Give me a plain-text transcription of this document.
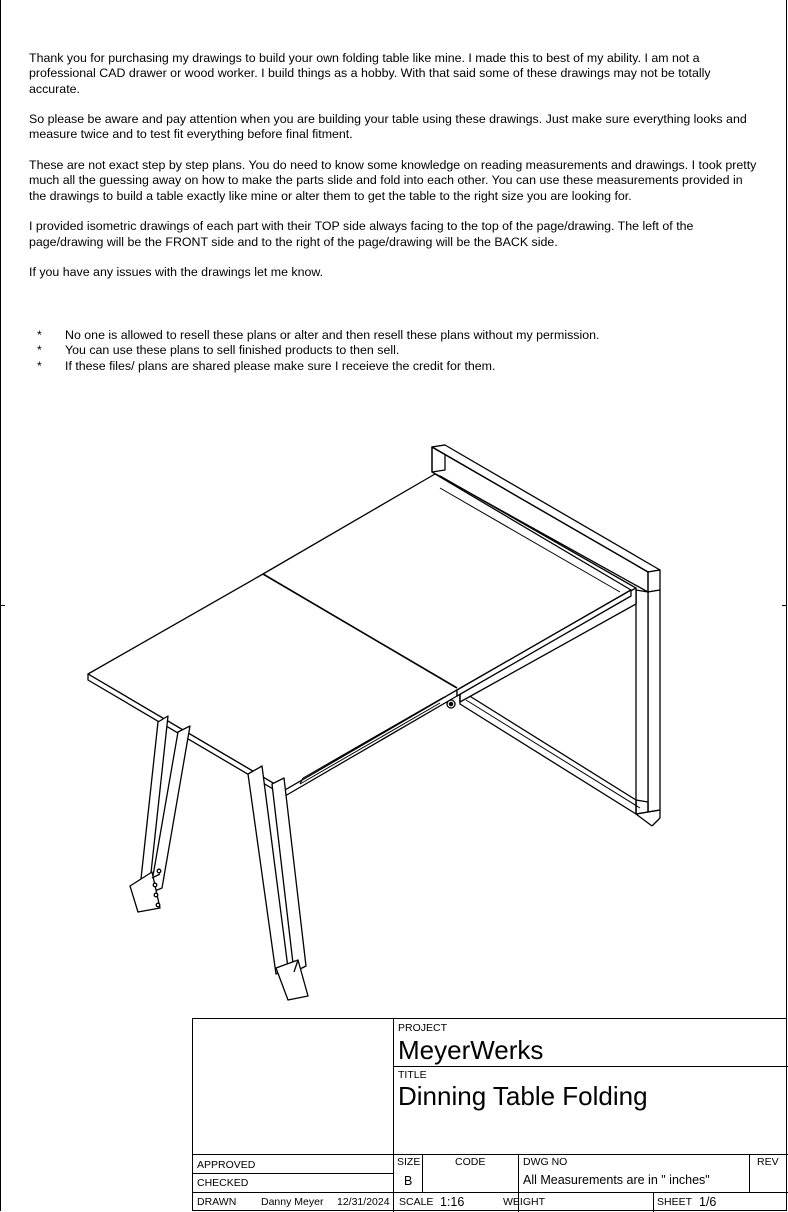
Thank you for purchasing my drawings to build your own folding table like mine. I made this to best of my ability. I am not a professional CAD drawer or wood worker. I build things as a hobby. With that said some of these drawings may not be totally accurate.

So please be aware and pay attention when you are building your table using these drawings. Just make sure everything looks and measure twice and to test fit everything before final fitment.

These are not exact step by step plans. You do need to know some knowledge on reading measurements and drawings. I took pretty much all the guessing away on how to make the parts slide and fold into each other. You can use these measurements provided in the drawings to build a table exactly like mine or alter them to get the table to the right size you are looking for.

I provided isometric drawings of each part with their TOP side always facing to the top of the page/drawing. The left of the page/drawing will be the FRONT side and to the right of the page/drawing will be the BACK side.

If you have any issues with the drawings let me know.

*	No one is allowed to resell these plans or alter and then resell these plans without my permission.
*	You can use these plans to sell finished products to then sell.
*	If these files/ plans are shared please make sure I receieve the credit for them.
PROJECT
MeyerWerks
TITLE
Dinning Table Folding
APPROVED
CHECKED
DRAWN Danny Meyer 12/31/2024
SIZE
B
CODE	DWG NO
All Measurements are in " inches"
REV
SCALE 1:16	WEIGHT	SHEET 1/6
